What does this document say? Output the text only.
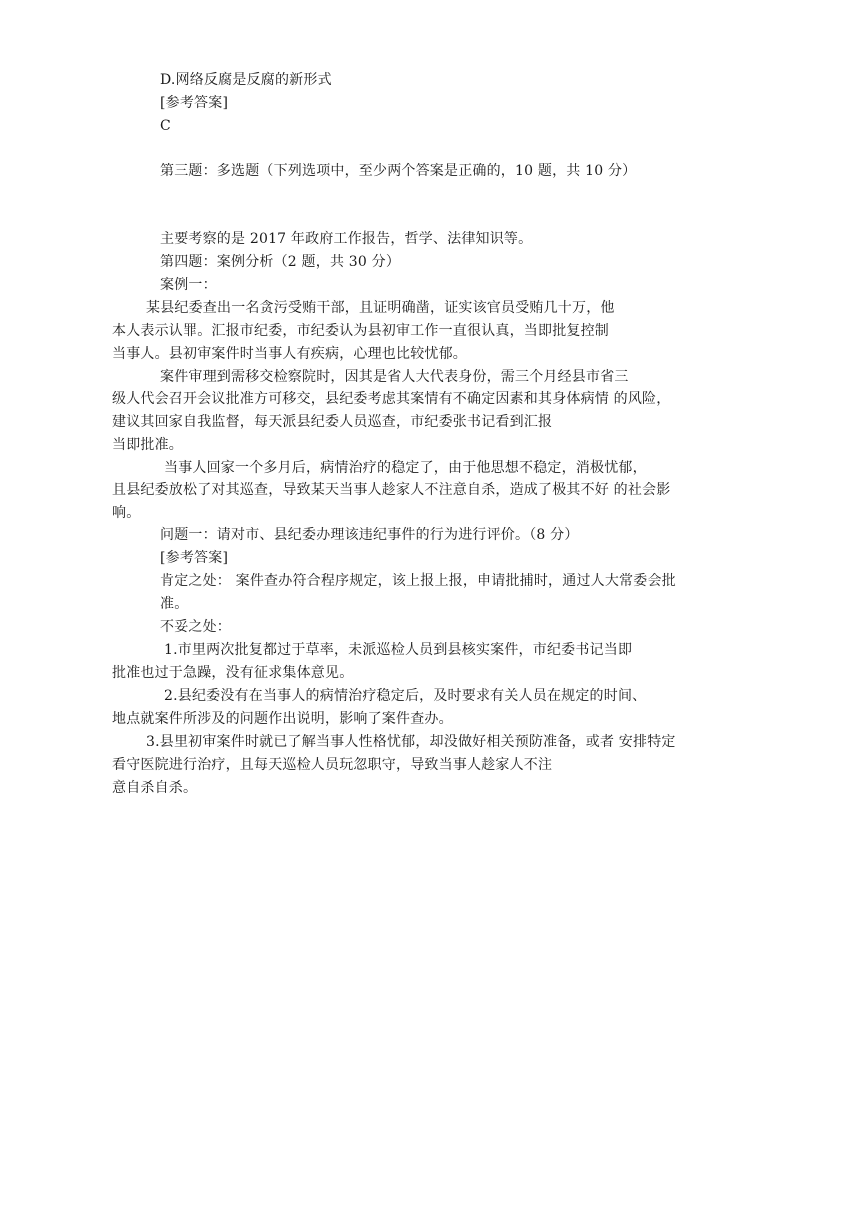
D.网络反腐是反腐的新形式
[参考答案]
C
第三题：多选题（下列选项中，至少两个答案是正确的，10 题，共 10 分）
主要考察的是 2017 年政府工作报告，哲学、法律知识等。
第四题：案例分析（2 题，共 30 分）
案例一：
某县纪委查出一名贪污受贿干部，且证明确凿，证实该官员受贿几十万，他
本人表示认罪。汇报市纪委，市纪委认为县初审工作一直很认真，当即批复控制
当事人。县初审案件时当事人有疾病，心理也比较忧郁。
案件审理到需移交检察院时，因其是省人大代表身份，需三个月经县市省三
级人代会召开会议批准方可移交，县纪委考虑其案情有不确定因素和其身体病情 的风险，
建议其回家自我监督，每天派县纪委人员巡查，市纪委张书记看到汇报
当即批准。
当事人回家一个多月后，病情治疗的稳定了，由于他思想不稳定，消极忧郁，
且县纪委放松了对其巡查，导致某天当事人趁家人不注意自杀，造成了极其不好 的社会影
响。
问题一：请对市、县纪委办理该违纪事件的行为进行评价。（8 分）
[参考答案]
肯定之处： 案件查办符合程序规定，该上报上报，申请批捕时，通过人大常委会批
准。
不妥之处：
1.市里两次批复都过于草率，未派巡检人员到县核实案件，市纪委书记当即
批准也过于急躁，没有征求集体意见。
2.县纪委没有在当事人的病情治疗稳定后，及时要求有关人员在规定的时间、
地点就案件所涉及的问题作出说明，影响了案件查办。
3.县里初审案件时就已了解当事人性格忧郁，却没做好相关预防准备，或者 安排特定
看守医院进行治疗，且每天巡检人员玩忽职守，导致当事人趁家人不注
意自杀自杀。
